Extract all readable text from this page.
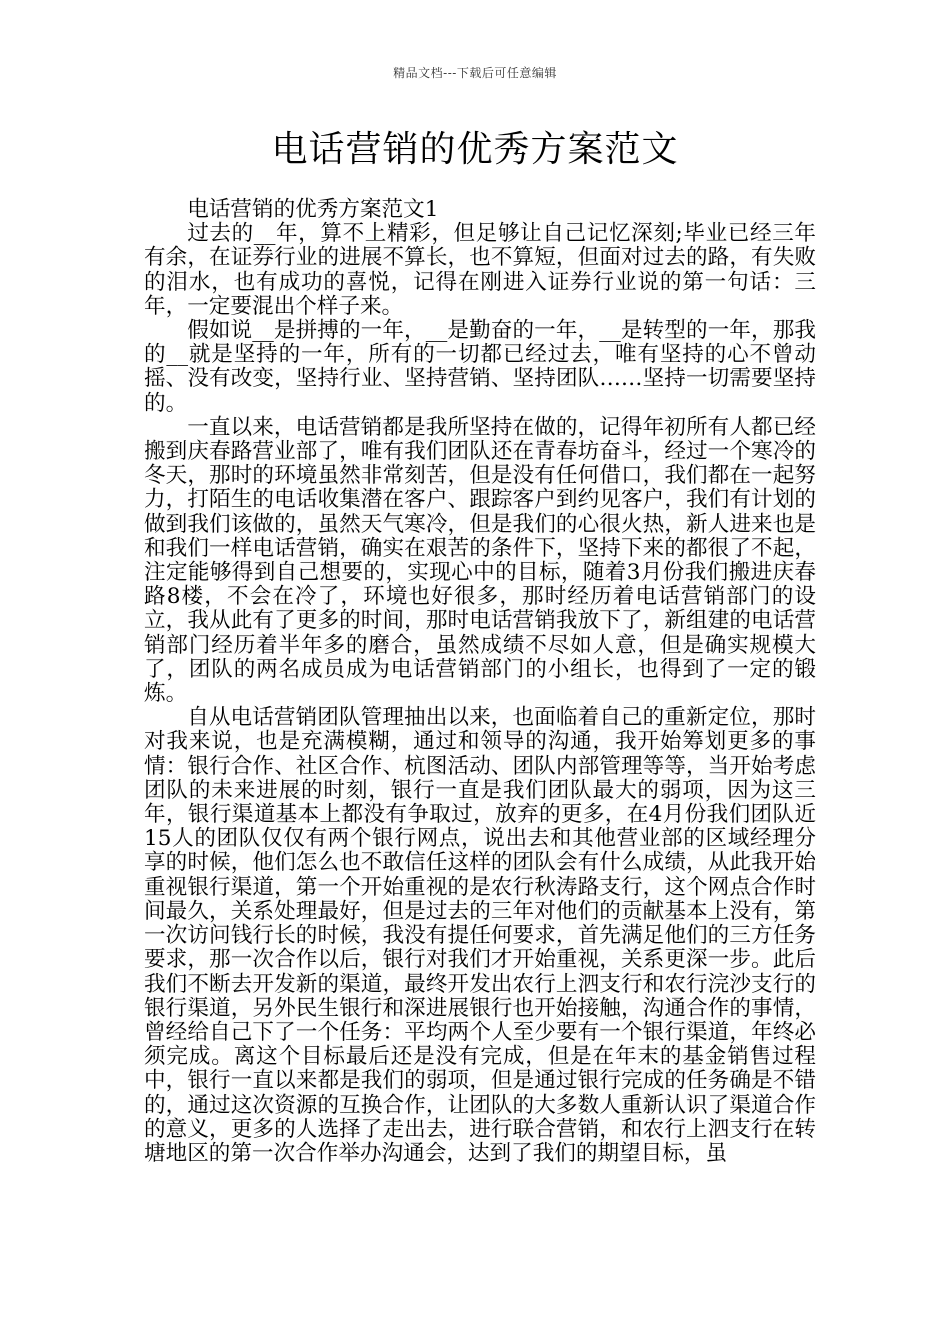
精品文档---下载后可任意编辑
电话营销的优秀方案范文

电话营销的优秀方案范文1

过去的__年，算不上精彩，但足够让自己记忆深刻;毕业已经三年有余，在证券行业的进展不算长，也不算短，但面对过去的路，有失败的泪水，也有成功的喜悦，记得在刚进入证券行业说的第一句话：三年，一定要混出个样子来。

假如说__是拼搏的一年，__是勤奋的一年，__是转型的一年，那我的__就是坚持的一年，所有的一切都已经过去，唯有坚持的心不曾动摇、没有改变，坚持行业、坚持营销、坚持团队……坚持一切需要坚持的。

一直以来，电话营销都是我所坚持在做的，记得年初所有人都已经搬到庆春路营业部了，唯有我们团队还在青春坊奋斗，经过一个寒冷的冬天，那时的环境虽然非常刻苦，但是没有任何借口，我们都在一起努力，打陌生的电话收集潜在客户、跟踪客户到约见客户，我们有计划的做到我们该做的，虽然天气寒冷，但是我们的心很火热，新人进来也是和我们一样电话营销，确实在艰苦的条件下，坚持下来的都很了不起，注定能够得到自己想要的，实现心中的目标，随着3月份我们搬进庆春路8楼，不会在冷了，环境也好很多，那时经历着电话营销部门的设立，我从此有了更多的时间，那时电话营销我放下了，新组建的电话营销部门经历着半年多的磨合，虽然成绩不尽如人意，但是确实规模大了，团队的两名成员成为电话营销部门的小组长，也得到了一定的锻炼。

自从电话营销团队管理抽出以来，也面临着自己的重新定位，那时对我来说，也是充满模糊，通过和领导的沟通，我开始筹划更多的事情：银行合作、社区合作、杭图活动、团队内部管理等等，当开始考虑团队的未来进展的时刻，银行一直是我们团队最大的弱项，因为这三年，银行渠道基本上都没有争取过，放弃的更多，在4月份我们团队近15人的团队仅仅有两个银行网点，说出去和其他营业部的区域经理分享的时候，他们怎么也不敢信任这样的团队会有什么成绩，从此我开始重视银行渠道，第一个开始重视的是农行秋涛路支行，这个网点合作时间最久，关系处理最好，但是过去的三年对他们的贡献基本上没有，第一次访问钱行长的时候，我没有提任何要求，首先满足他们的三方任务要求，那一次合作以后，银行对我们才开始重视，关系更深一步。此后我们不断去开发新的渠道，最终开发出农行上泗支行和农行浣沙支行的银行渠道，另外民生银行和深进展银行也开始接触，沟通合作的事情，曾经给自己下了一个任务：平均两个人至少要有一个银行渠道，年终必须完成。离这个目标最后还是没有完成，但是在年末的基金销售过程中，银行一直以来都是我们的弱项，但是通过银行完成的任务确是不错的，通过这次资源的互换合作，让团队的大多数人重新认识了渠道合作的意义，更多的人选择了走出去，进行联合营销，和农行上泗支行在转塘地区的第一次合作举办沟通会，达到了我们的期望目标，虽
